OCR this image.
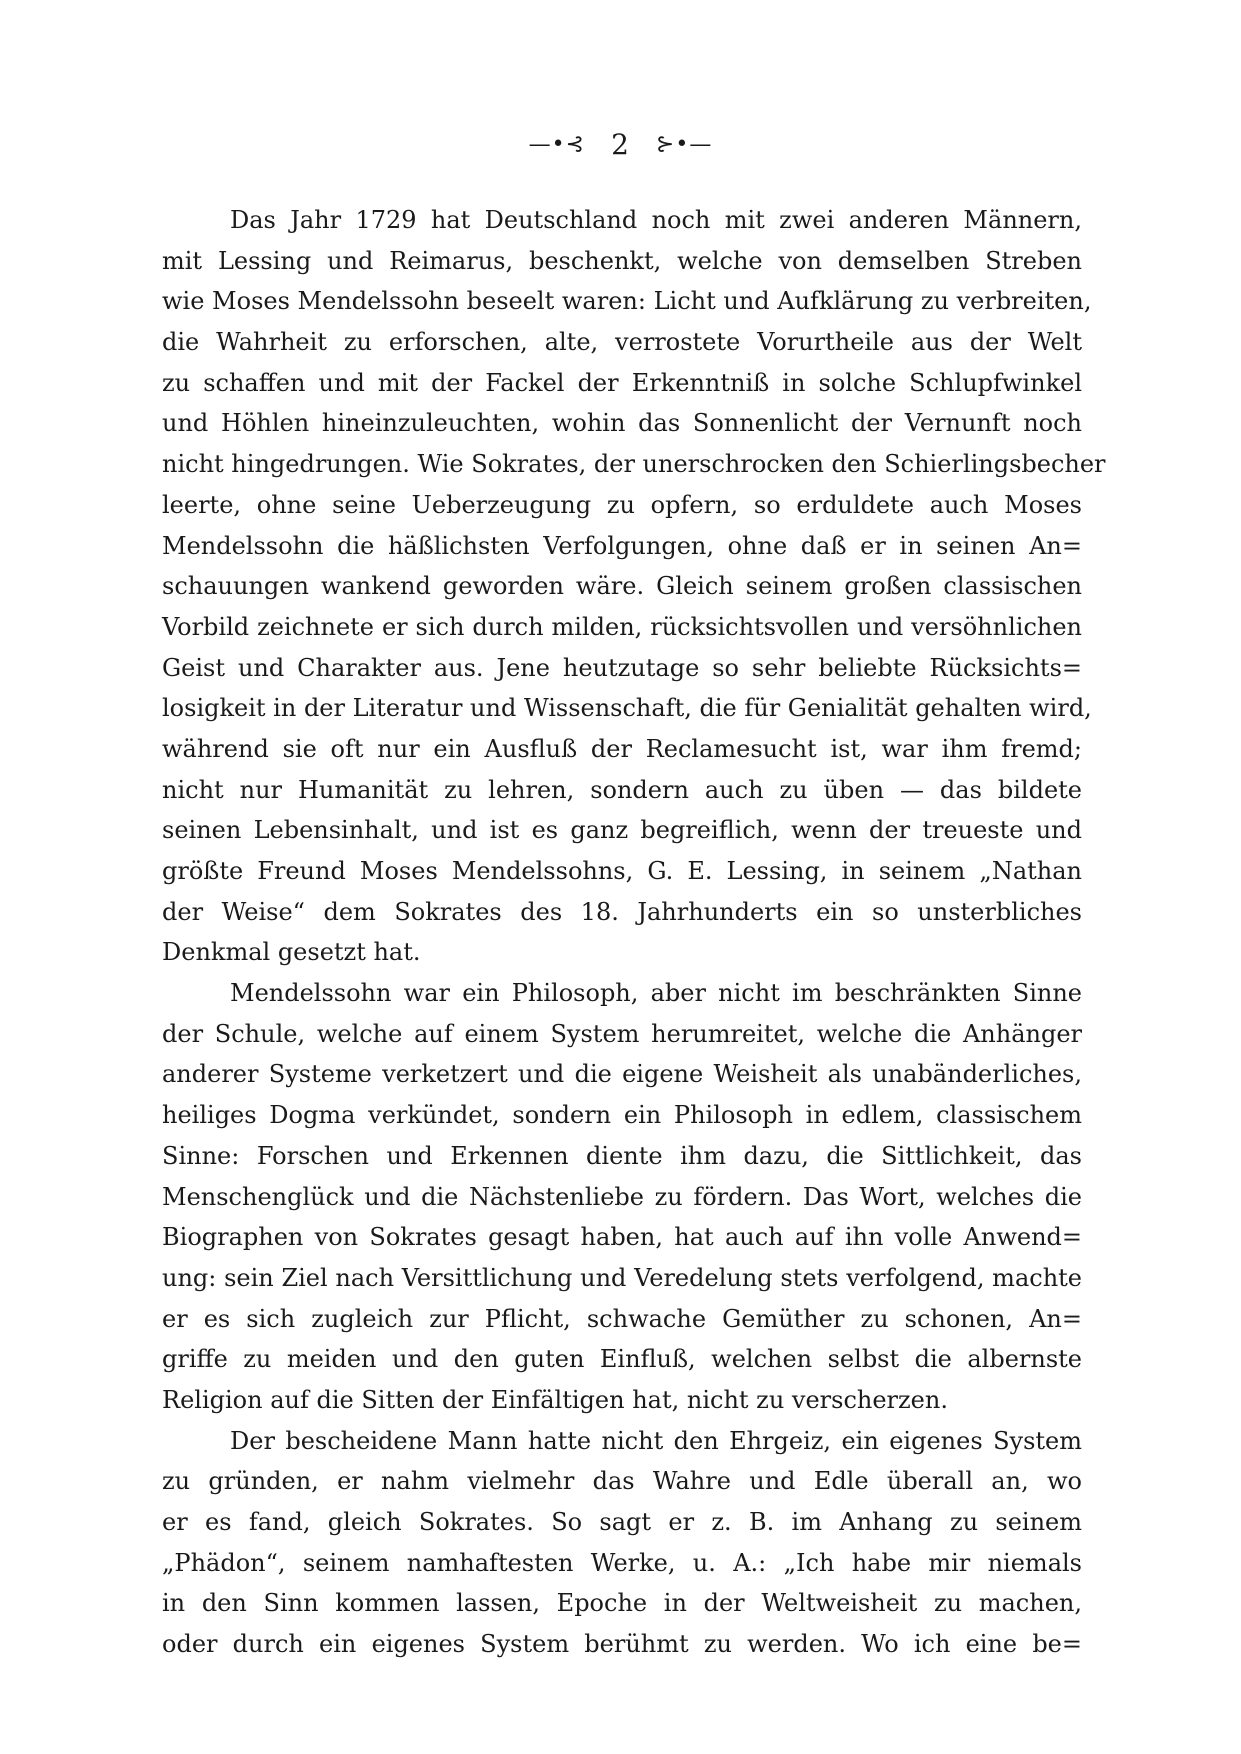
—•⊰ 2 ⊱•—
Das Jahr 1729 hat Deutschland noch mit zwei anderen Männern,
mit Lessing und Reimarus, beschenkt, welche von demselben Streben
wie Moses Mendelssohn beseelt waren: Licht und Aufklärung zu verbreiten,
die Wahrheit zu erforschen, alte, verrostete Vorurtheile aus der Welt
zu schaffen und mit der Fackel der Erkenntniß in solche Schlupfwinkel
und Höhlen hineinzuleuchten, wohin das Sonnenlicht der Vernunft noch
nicht hingedrungen. Wie Sokrates, der unerschrocken den Schierlingsbecher
leerte, ohne seine Ueberzeugung zu opfern, so erduldete auch Moses
Mendelssohn die häßlichsten Verfolgungen, ohne daß er in seinen An=
schauungen wankend geworden wäre. Gleich seinem großen classischen
Vorbild zeichnete er sich durch milden, rücksichtsvollen und versöhnlichen
Geist und Charakter aus. Jene heutzutage so sehr beliebte Rücksichts=
losigkeit in der Literatur und Wissenschaft, die für Genialität gehalten wird,
während sie oft nur ein Ausfluß der Reclamesucht ist, war ihm fremd;
nicht nur Humanität zu lehren, sondern auch zu üben — das bildete
seinen Lebensinhalt, und ist es ganz begreiflich, wenn der treueste und
größte Freund Moses Mendelssohns, G. E. Lessing, in seinem „Nathan
der Weise“ dem Sokrates des 18. Jahrhunderts ein so unsterbliches
Denkmal gesetzt hat.
Mendelssohn war ein Philosoph, aber nicht im beschränkten Sinne
der Schule, welche auf einem System herumreitet, welche die Anhänger
anderer Systeme verketzert und die eigene Weisheit als unabänderliches,
heiliges Dogma verkündet, sondern ein Philosoph in edlem, classischem
Sinne: Forschen und Erkennen diente ihm dazu, die Sittlichkeit, das
Menschenglück und die Nächstenliebe zu fördern. Das Wort, welches die
Biographen von Sokrates gesagt haben, hat auch auf ihn volle Anwend=
ung: sein Ziel nach Versittlichung und Veredelung stets verfolgend, machte
er es sich zugleich zur Pflicht, schwache Gemüther zu schonen, An=
griffe zu meiden und den guten Einfluß, welchen selbst die albernste
Religion auf die Sitten der Einfältigen hat, nicht zu verscherzen.
Der bescheidene Mann hatte nicht den Ehrgeiz, ein eigenes System
zu gründen, er nahm vielmehr das Wahre und Edle überall an, wo
er es fand, gleich Sokrates. So sagt er z. B. im Anhang zu seinem
„Phädon“, seinem namhaftesten Werke, u. A.: „Ich habe mir niemals
in den Sinn kommen lassen, Epoche in der Weltweisheit zu machen,
oder durch ein eigenes System berühmt zu werden. Wo ich eine be=
